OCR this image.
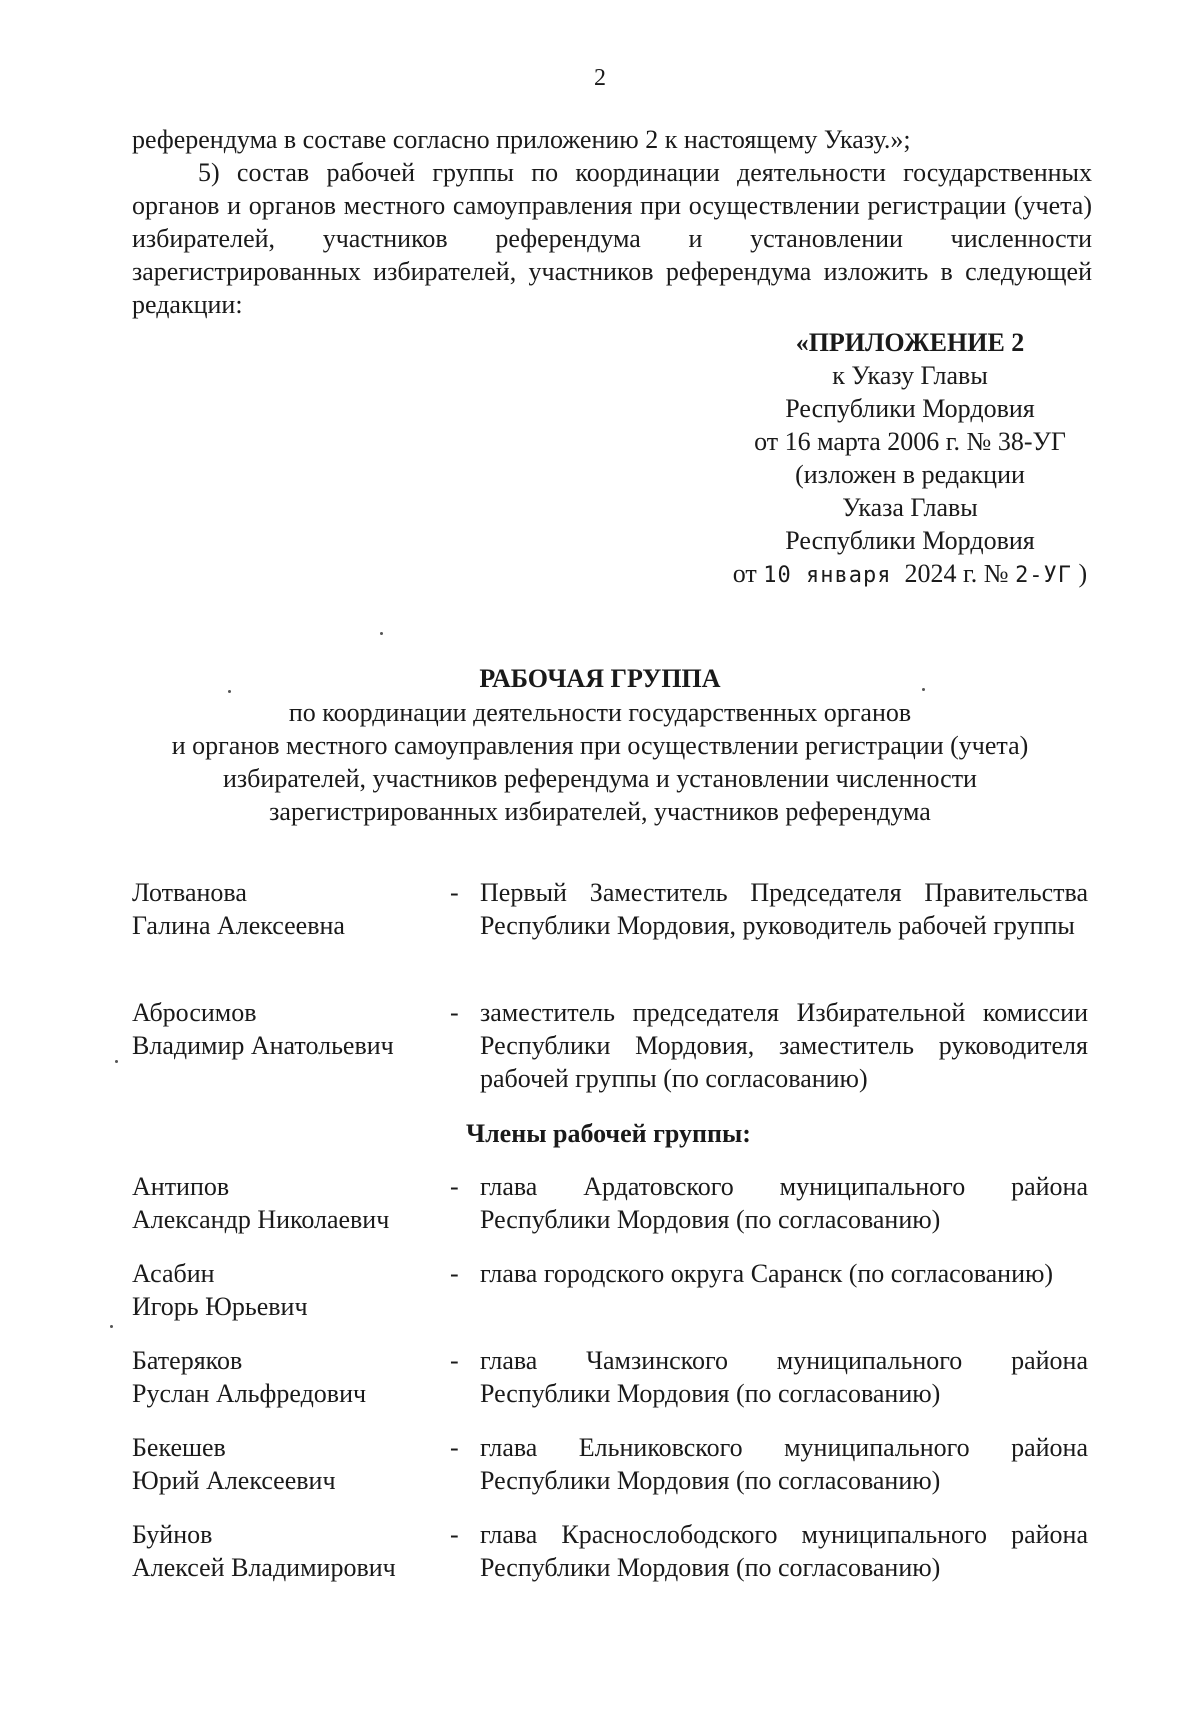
2

референдума в составе согласно приложению 2 к настоящему Указу.»;

5) состав рабочей группы по координации деятельности государственных органов и органов местного самоуправления при осуществлении регистрации (учета) избирателей, участников референдума и установлении численности зарегистрированных избирателей, участников референдума изложить в следующей редакции:

«ПРИЛОЖЕНИЕ 2
к Указу Главы
Республики Мордовия
от 16 марта 2006 г. № 38-УГ
(изложен в редакции
Указа Главы
Республики Мордовия
от 10 января 2024 г. № 2-УГ )
РАБОЧАЯ ГРУППА
по координации деятельности государственных органов
и органов местного самоуправления при осуществлении регистрации (учета)
избирателей, участников референдума и установлении численности
зарегистрированных избирателей, участников референдума
Лотванова
Галина Алексеевна
- Первый Заместитель Председателя Правительства Республики Мордовия, руководитель рабочей группы
Абросимов
Владимир Анатольевич
- заместитель председателя Избирательной комиссии Республики Мордовия, заместитель руководителя рабочей группы (по согласованию)
Члены рабочей группы:
Антипов
Александр Николаевич
- глава Ардатовского муниципального района Республики Мордовия (по согласованию)
Асабин
Игорь Юрьевич
- глава городского округа Саранск (по согласованию)
Батеряков
Руслан Альфредович
- глава Чамзинского муниципального района Республики Мордовия (по согласованию)
Бекешев
Юрий Алексеевич
- глава Ельниковского муниципального района Республики Мордовия (по согласованию)
Буйнов
Алексей Владимирович
- глава Краснослободского муниципального района Республики Мордовия (по согласованию)
